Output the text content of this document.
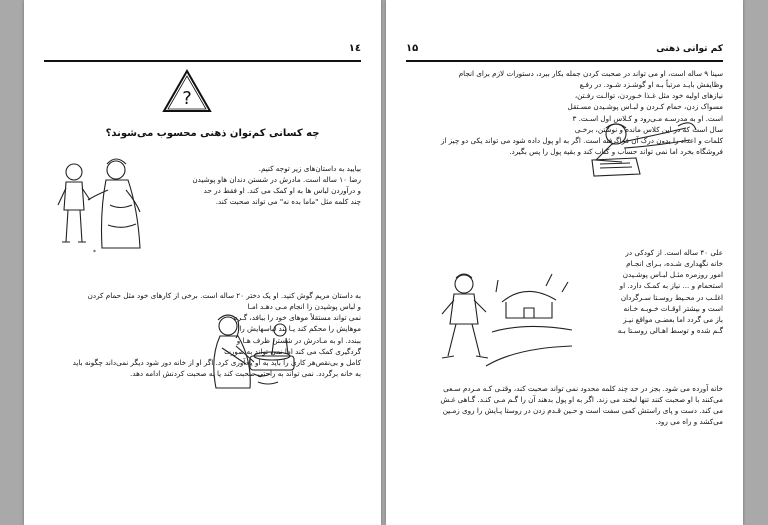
۱٤
?
چه کسانی کم‌توان ذهنی محسوب می‌شوند؟
بیایید به داستان‌های زیر توجه کنیم.
رضا ۱۰ ساله است. مادرش در شستن دندان هاو پوشیدن
و درآوردن لباس ها به او کمک می کند. او فقط در حد
چند کلمه مثل "ماما بده نه" می تواند صحبت کند.
*
به داستان مریم گوش کنید. او یک دختر ۲۰ ساله است. برخی از کارهای خود مثل حمام کردن
و لباس پوشیدن را انجام مـی دهـد امـا
نمی تواند مستقلاً موهای خود را ببافد، گـره
موهایش را محکم کند یـا بند لباسهایش را
ببندد. او به مـادرش در شستن ظرف هـا و
گردگیری کمک می کند اما نمی تواند به صورت
کامل و بی‌نقص‌هر کاری را باید به او یادآوری کرد. اگر او از خانه دور شود دیگر نمی‌داند چگونه باید
به خانه برگردد. نمی تواند به راحتی صحبت کند یا به صحبت کردنش ادامه دهد.
کم توانی ذهنی
۱۵
سینا ۹ ساله است، او می تواند در صحبت کردن جمله بکار ببرد، دستورات لازم برای انجام
وظایفش بایـد مرتباً بـه او گوشـزد شـود. در رفـع
نیازهای اولیه خود مثل غـذا خـوردن، توالـت رفـتن،
مسواک زدن، حمام کـردن و لبـاس پوشـیدن مسـتقل
است. او به مدرسـه مـی‌رود و کـلاس اول اسـت. ۳
سال است که در این کلاس مانده و نوشتن، برخـی
کلمات و اعداد را بدون درک آن فراگرفته است. اگر به او پول داده شود می تواند یکی دو چیز از
فروشگاه بخرد اما نمی تواند حساب و کتاب کند و بقیه پول را پس بگیرد.
علی ۴۰ ساله است. از کودکی در
خانه نگهداری شـده، بـرای انجـام
امور روزمره مثـل لبـاس پوشـیدن
استحمام و ... نیاز به کمـک دارد. او
اغلـب در محـیط روسـتا سـرگردان
است و بیشتر اوقـات خـوبـه خـانه
باز می گردد اما بعضـی مواقع نیـز
گـم شده و توسط اهـالی روسـتا بـه
خانه آورده می شود. بجز در حد چند کلمه محدود نمی تواند صحبت کند، وقتـی کـه مـردم سـعی
می‌کنند با او صحبت کنند تنها لبخند می زند. اگر به او پول بدهند آن را گـم مـی کنـد. گـاهی غـش
می کند. دست و پای راستش کمی سفت است و حـین قـدم زدن در روستا پـایش را روی زمـین
می‌کشد و راه می رود.
